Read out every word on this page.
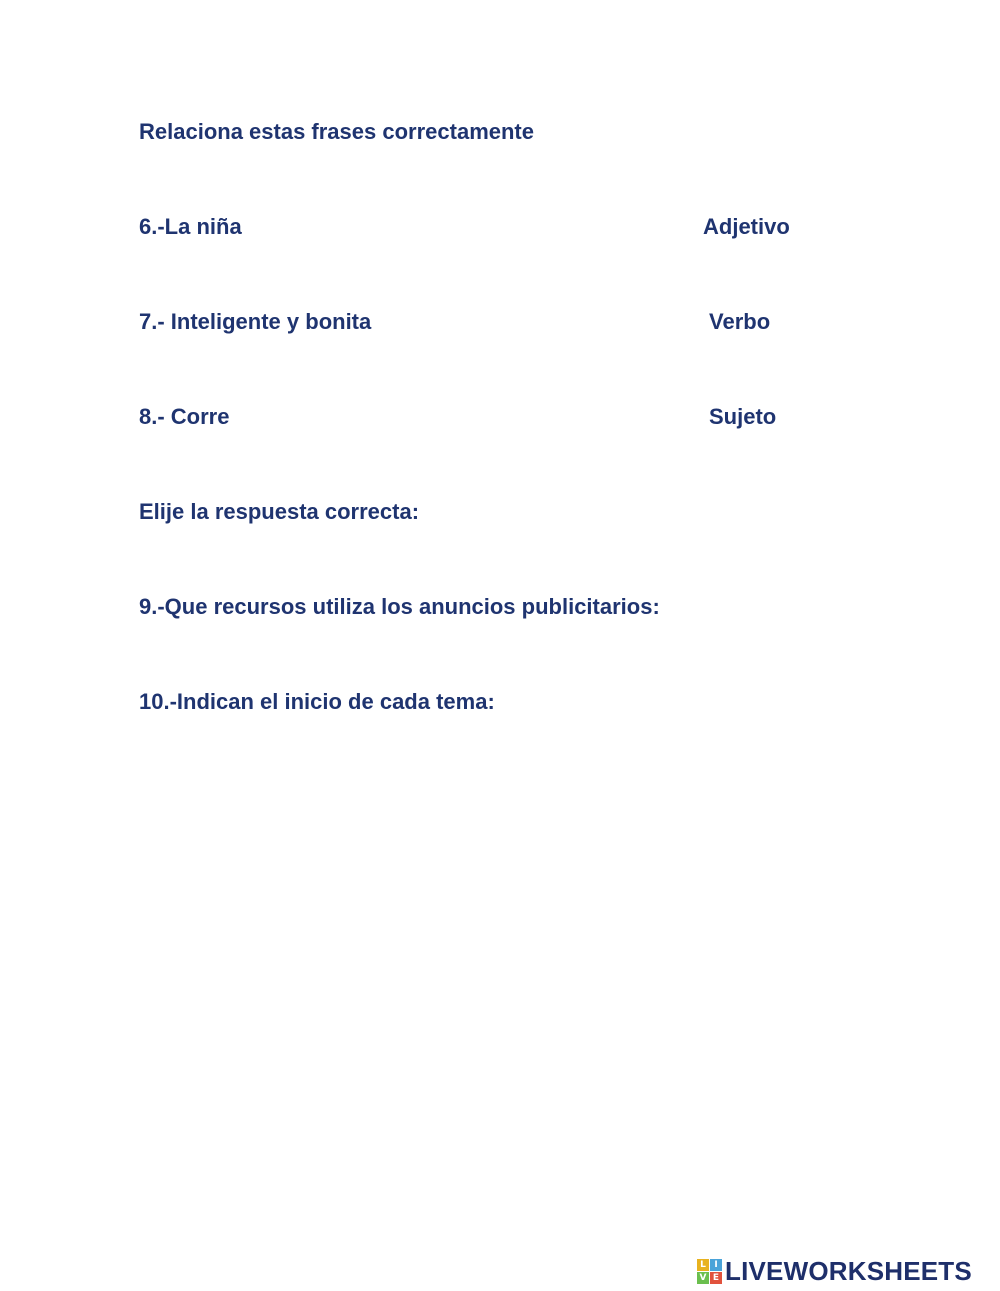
Relaciona estas frases correctamente
6.-La niña	Adjetivo
7.- Inteligente y bonita	Verbo
8.- Corre	Sujeto
Elije la respuesta correcta:
9.-Que recursos utiliza los anuncios publicitarios:
10.-Indican el inicio de cada tema:
L I
V E LIVEWORKSHEETS
